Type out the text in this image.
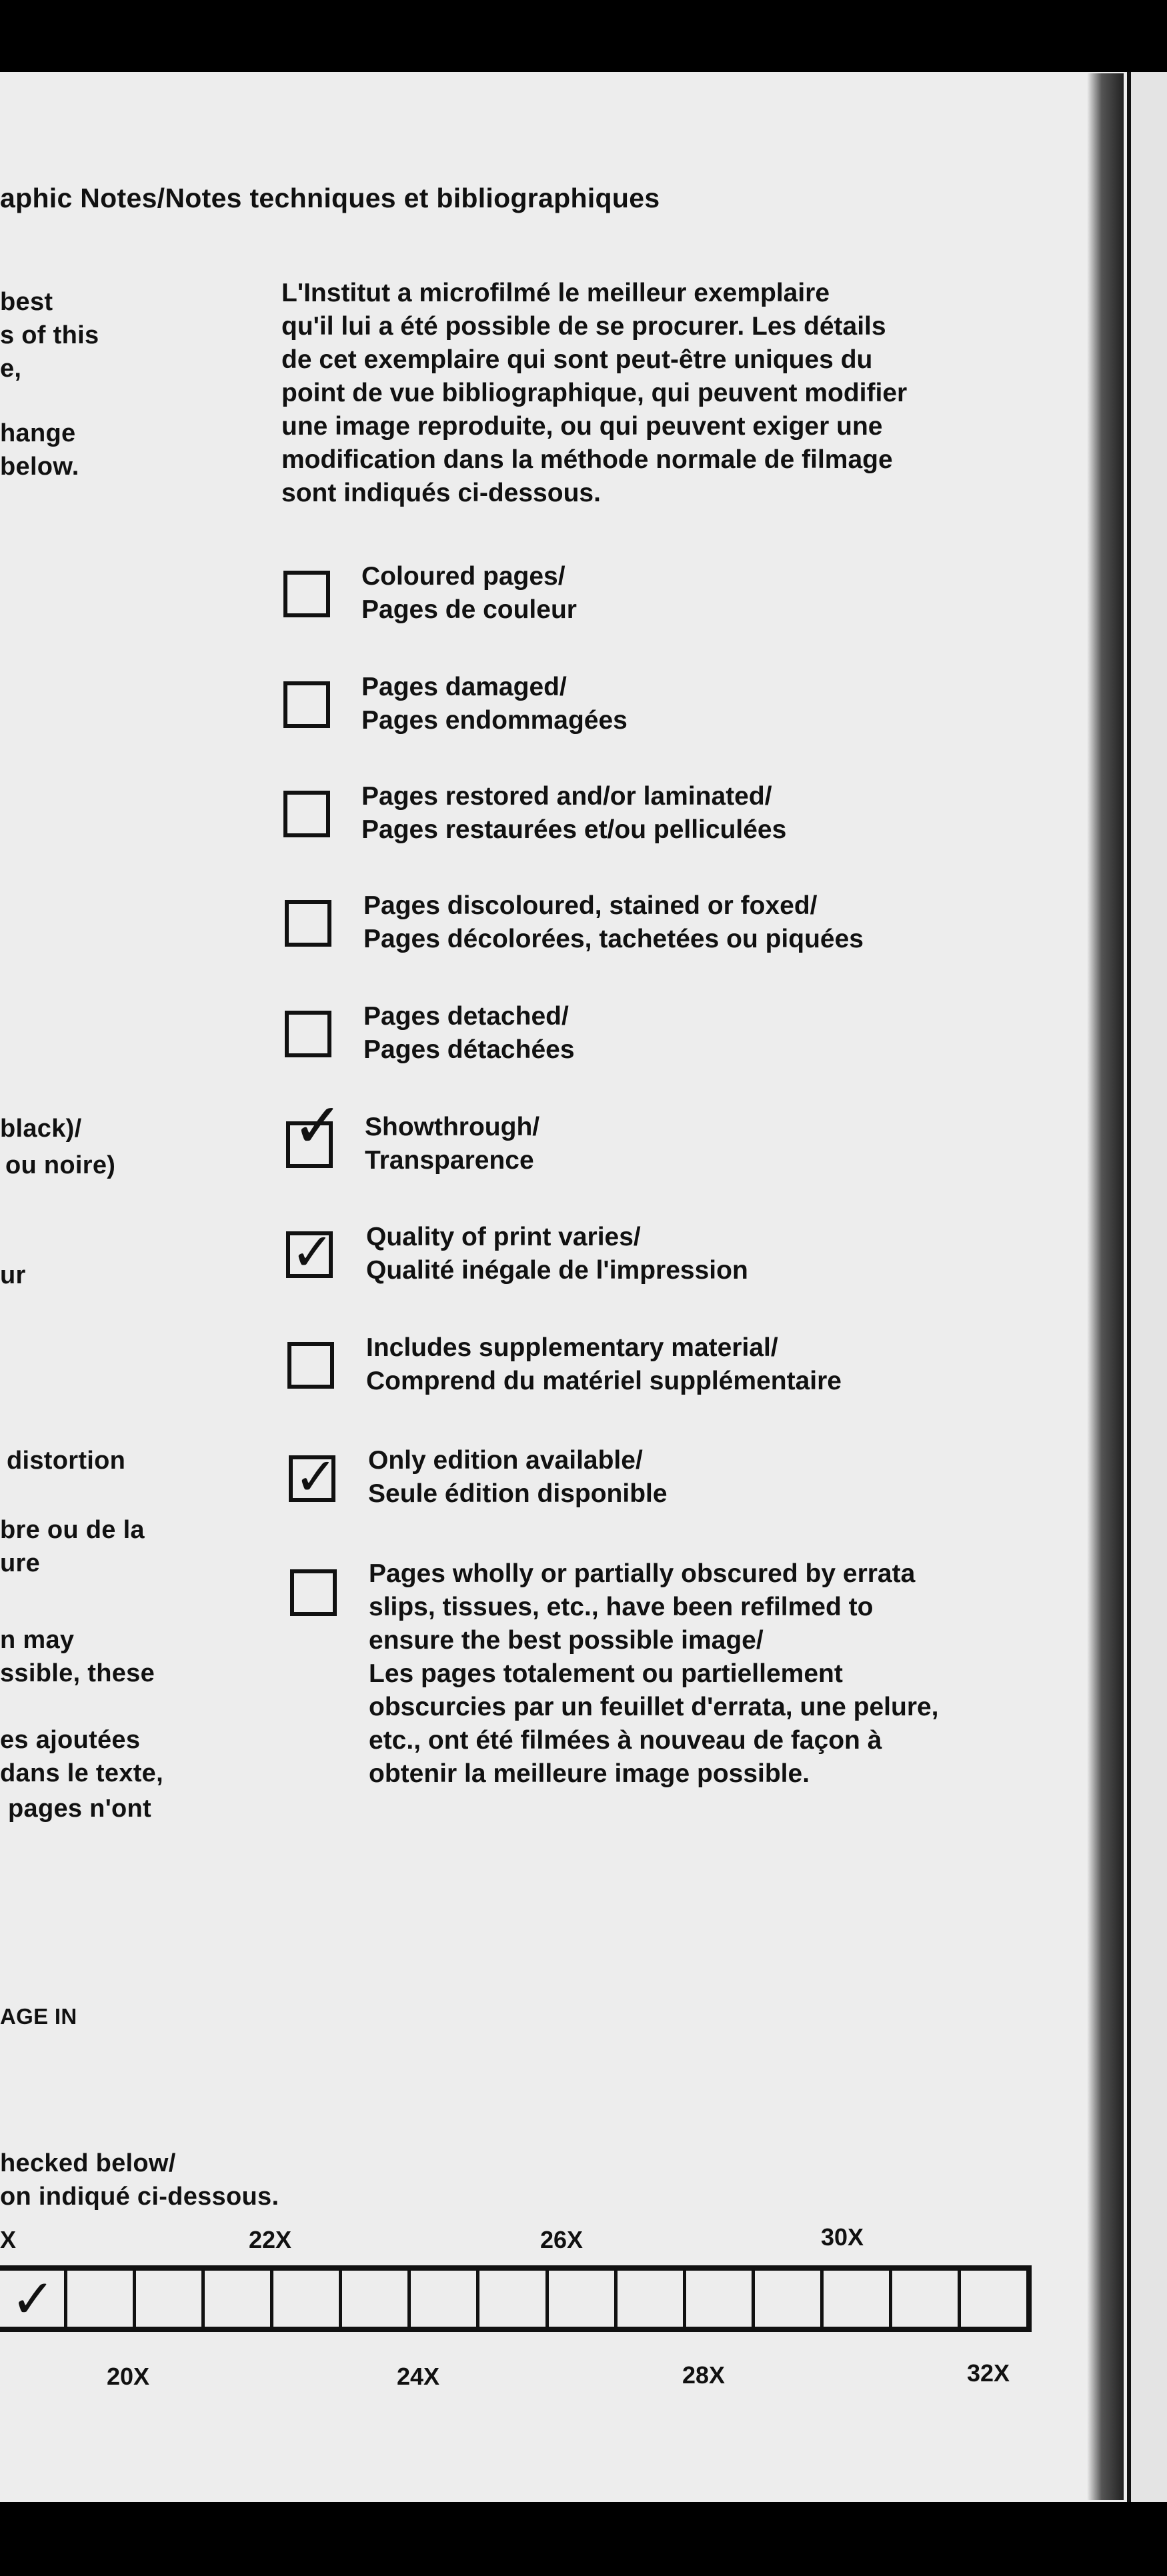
aphic Notes/Notes techniques et bibliographiques
best
s of this
e,
hange
below.
black)/
ou noire)
ur
distortion
bre ou de la
ure
n may
ssible, these
es ajoutées
dans le texte,
pages n'ont
AGE IN
hecked below/
on indiqué ci-dessous.
L'Institut a microfilmé le meilleur exemplaire
qu'il lui a été possible de se procurer. Les détails
de cet exemplaire qui sont peut-être uniques du
point de vue bibliographique, qui peuvent modifier
une image reproduite, ou qui peuvent exiger une
modification dans la méthode normale de filmage
sont indiqués ci-dessous.
Coloured pages/
Pages de couleur
Pages damaged/
Pages endommagées
Pages restored and/or laminated/
Pages restaurées et/ou pelliculées
Pages discoloured, stained or foxed/
Pages décolorées, tachetées ou piquées
Pages detached/
Pages détachées
✓ Showthrough/
Transparence
✓ Quality of print varies/
Qualité inégale de l'impression
Includes supplementary material/
Comprend du matériel supplémentaire
✓ Only edition available/
Seule édition disponible
Pages wholly or partially obscured by errata
slips, tissues, etc., have been refilmed to
ensure the best possible image/
Les pages totalement ou partiellement
obscurcies par un feuillet d'errata, une pelure,
etc., ont été filmées à nouveau de façon à
obtenir la meilleure image possible.
X	22X	26X	30X
✓
20X	24X	28X	32X
